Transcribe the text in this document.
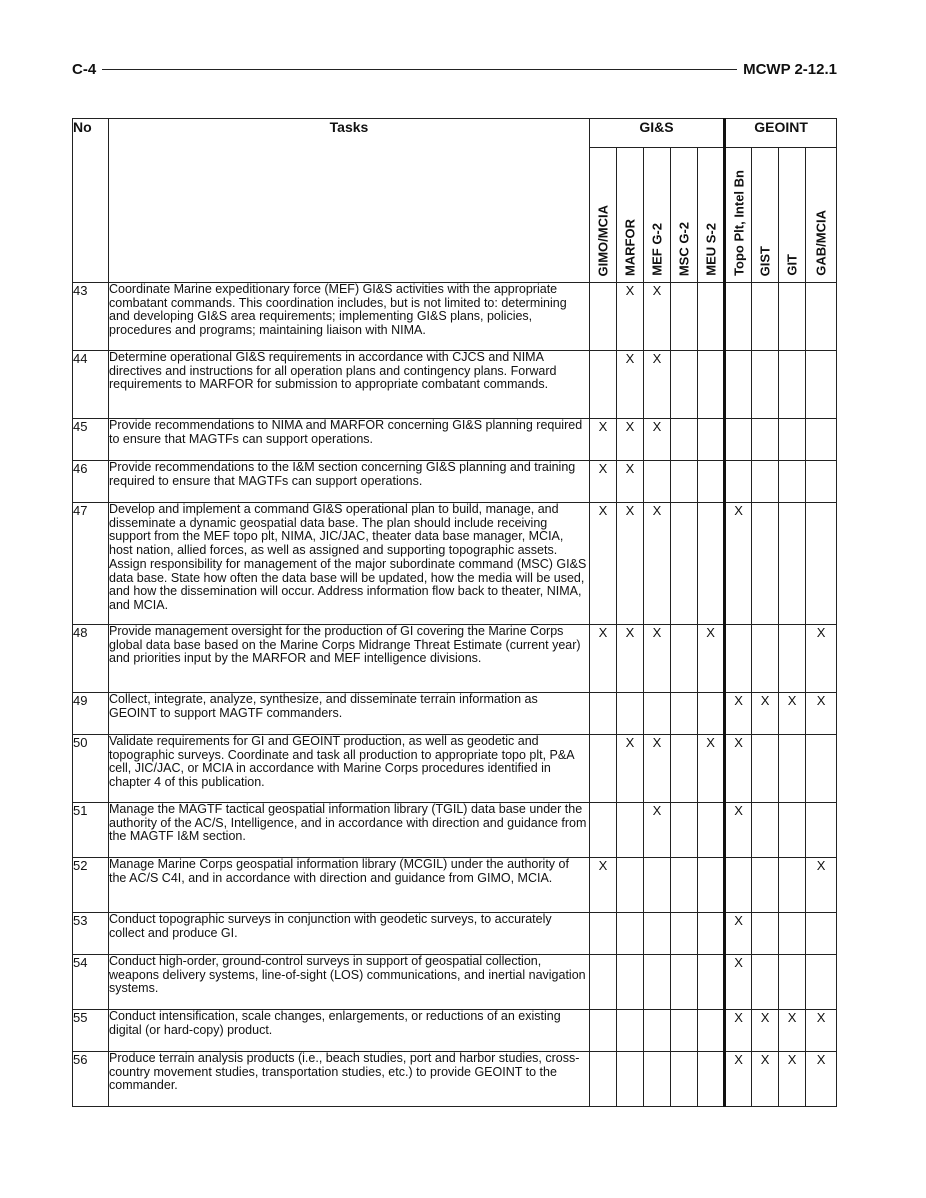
C-4	MCWP 2-12.1
No	Tasks	GI&S					GEOINT			

		GIMO/MCIA	MARFOR	MEF G-2	MSC G-2	MEU S-2	Topo Plt, Intel Bn	GIST	GIT	GAB/MCIA

43	Coordinate Marine expeditionary force (MEF) GI&S activities with the appropriate combatant commands. This coordination includes, but is not limited to: determining and developing GI&S area requirements; implementing GI&S plans, policies, procedures and programs; maintaining liaison with NIMA.		X	X						
44	Determine operational GI&S requirements in accordance with CJCS and NIMA directives and instructions for all operation plans and contingency plans. Forward requirements to MARFOR for submission to appropriate combatant commands.		X	X						
45	Provide recommendations to NIMA and MARFOR concerning GI&S planning required to ensure that MAGTFs can support operations.	X	X	X						
46	Provide recommendations to the I&M section concerning GI&S planning and training required to ensure that MAGTFs can support operations.	X	X							
47	Develop and implement a command GI&S operational plan to build, manage, and disseminate a dynamic geospatial data base. The plan should include receiving support from the MEF topo plt, NIMA, JIC/JAC, theater data base manager, MCIA, host nation, allied forces, as well as assigned and supporting topographic assets. Assign responsibility for management of the major subordinate command (MSC) GI&S data base. State how often the data base will be updated, how the media will be used, and how the dissemination will occur. Address information flow back to theater, NIMA, and MCIA.	X	X	X			X			
48	Provide management oversight for the production of GI covering the Marine Corps global data base based on the Marine Corps Midrange Threat Estimate (current year) and priorities input by the MARFOR and MEF intelligence divisions.	X	X	X		X				X
49	Collect, integrate, analyze, synthesize, and disseminate terrain information as GEOINT to support MAGTF commanders.						X	X	X	X
50	Validate requirements for GI and GEOINT production, as well as geodetic and topographic surveys. Coordinate and task all production to appropriate topo plt, P&A cell, JIC/JAC, or MCIA in accordance with Marine Corps procedures identified in chapter 4 of this publication.		X	X		X	X			
51	Manage the MAGTF tactical geospatial information library (TGIL) data base under the authority of the AC/S, Intelligence, and in accordance with direction and guidance from the MAGTF I&M section.			X			X			
52	Manage Marine Corps geospatial information library (MCGIL) under the authority of the AC/S C4I, and in accordance with direction and guidance from GIMO, MCIA.	X								X
53	Conduct topographic surveys in conjunction with geodetic surveys, to accurately collect and produce GI.						X			
54	Conduct high-order, ground-control surveys in support of geospatial collection, weapons delivery systems, line-of-sight (LOS) communications, and inertial navigation systems.						X			
55	Conduct intensification, scale changes, enlargements, or reductions of an existing digital (or hard-copy) product.						X	X	X	X
56	Produce terrain analysis products (i.e., beach studies, port and harbor studies, cross-country movement studies, transportation studies, etc.) to provide GEOINT to the commander.						X	X	X	X
